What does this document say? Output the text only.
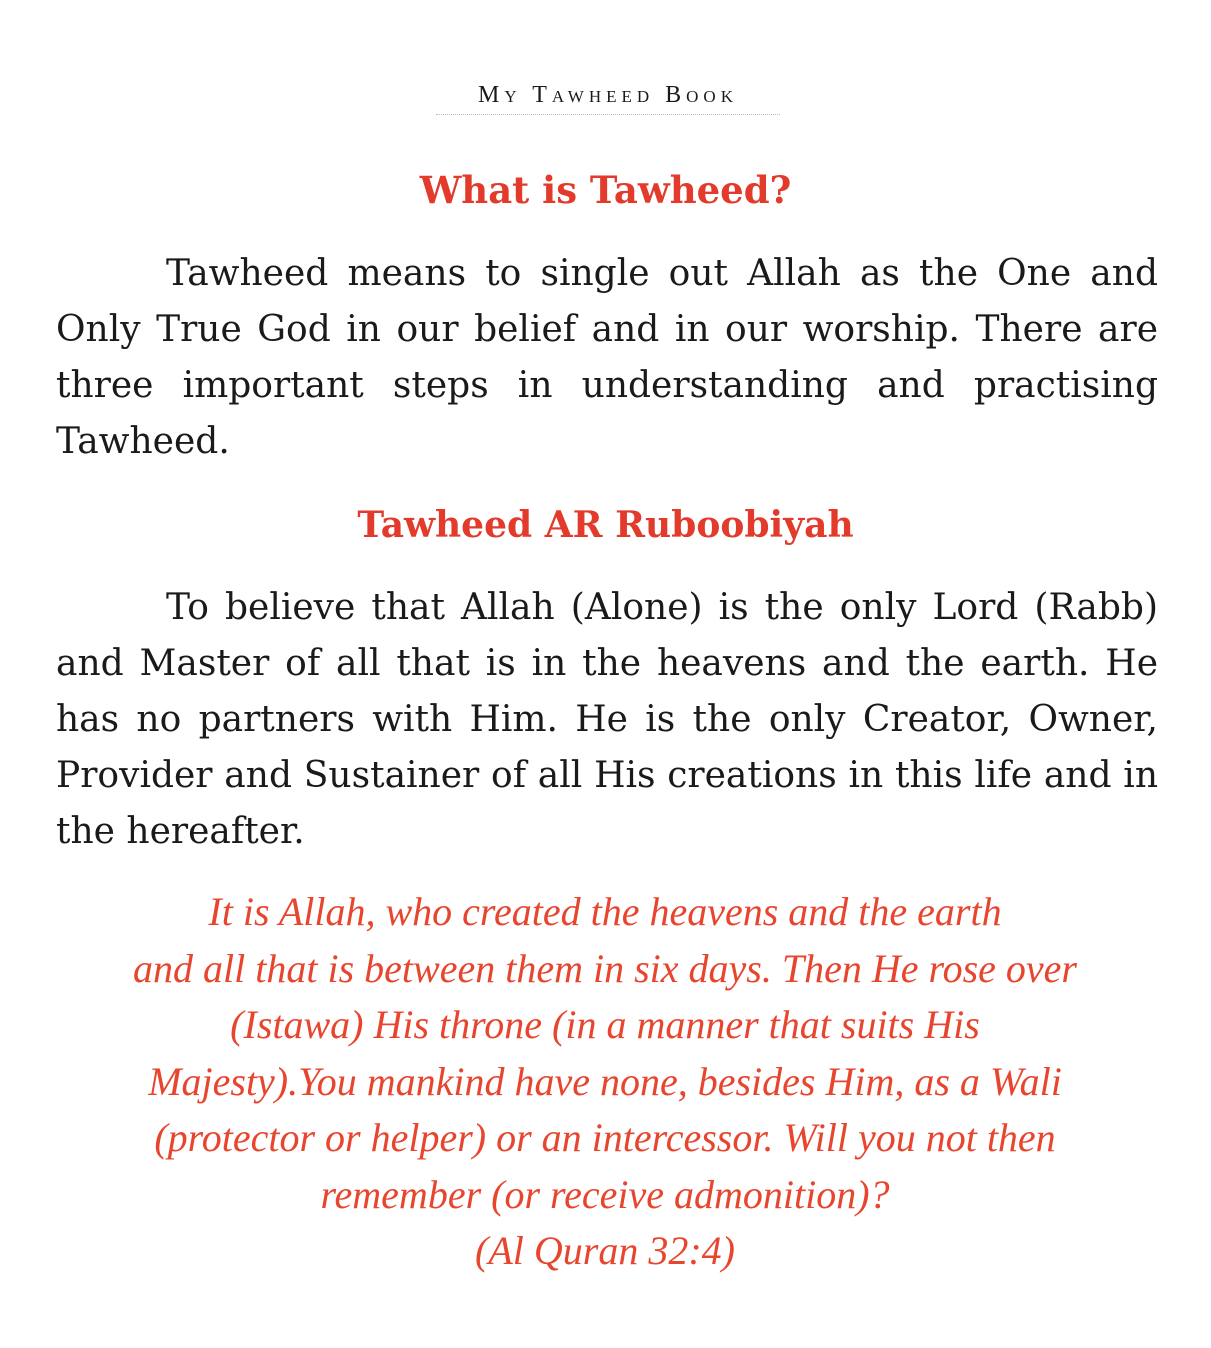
My Tawheed Book
What is Tawheed?
Tawheed means to single out Allah as the One and Only True God in our belief and in our worship. There are three important steps in understanding and practising Tawheed.
Tawheed AR Ruboobiyah
To believe that Allah (Alone) is the only Lord (Rabb) and Master of all that is in the heavens and the earth. He has no partners with Him. He is the only Creator, Owner, Provider and Sustainer of all His creations in this life and in the hereafter.
It is Allah, who created the heavens and the earth
and all that is between them in six days. Then He rose over
(Istawa) His throne (in a manner that suits His
Majesty).You mankind have none, besides Him, as a Wali
(protector or helper) or an intercessor. Will you not then
remember (or receive admonition)?
(Al Quran 32:4)
